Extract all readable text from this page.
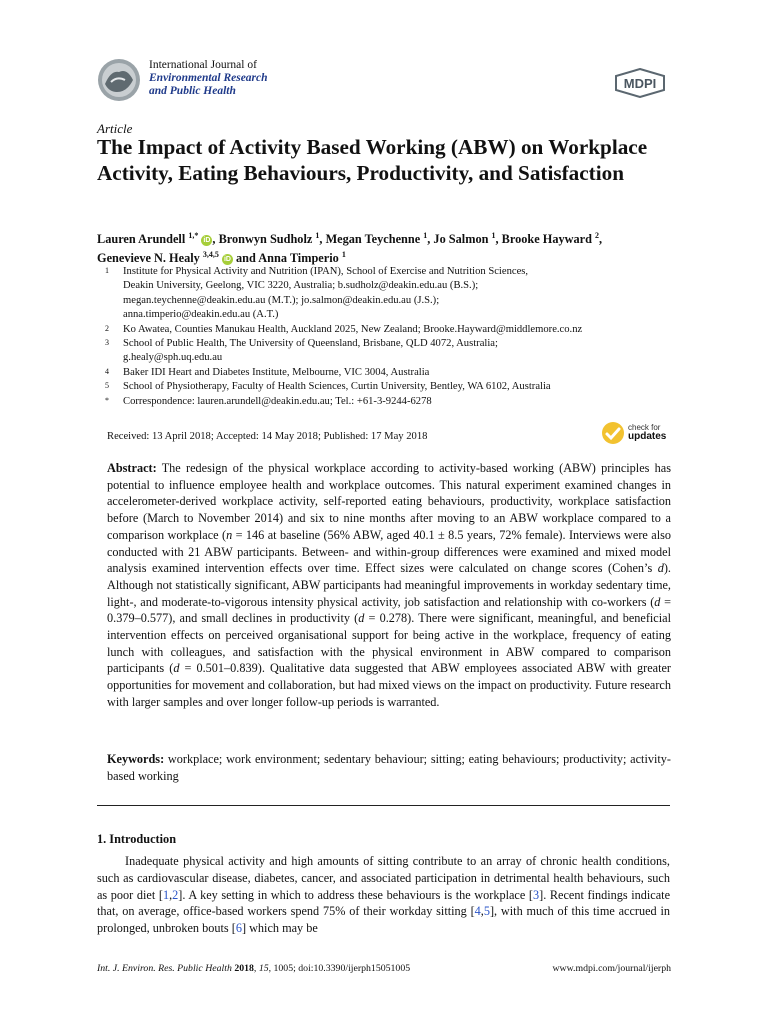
International Journal of
Environmental Research
and Public Health	MDPI
Article
The Impact of Activity Based Working (ABW) on Workplace Activity, Eating Behaviours, Productivity, and Satisfaction
Lauren Arundell $^{1,*}$ iD , Bronwyn Sudholz $^1$, Megan Teychenne $^1$, Jo Salmon $^1$, Brooke Hayward $^2$,
Genevieve N. Healy $^{3,4,5}$ iD and Anna Timperio $^1$
1 Institute for Physical Activity and Nutrition (IPAN), School of Exercise and Nutrition Sciences,
Deakin University, Geelong, VIC 3220, Australia; b.sudholz@deakin.edu.au (B.S.);
megan.teychenne@deakin.edu.au (M.T.); jo.salmon@deakin.edu.au (J.S.);
anna.timperio@deakin.edu.au (A.T.)
2 Ko Awatea, Counties Manukau Health, Auckland 2025, New Zealand; Brooke.Hayward@middlemore.co.nz
3 School of Public Health, The University of Queensland, Brisbane, QLD 4072, Australia;
g.healy@sph.uq.edu.au
4 Baker IDI Heart and Diabetes Institute, Melbourne, VIC 3004, Australia
5 School of Physiotherapy, Faculty of Health Sciences, Curtin University, Bentley, WA 6102, Australia
* Correspondence: lauren.arundell@deakin.edu.au; Tel.: +61-3-9244-6278
Received: 13 April 2018; Accepted: 14 May 2018; Published: 17 May 2018
check for
updates
Abstract: The redesign of the physical workplace according to activity-based working (ABW) principles has potential to influence employee health and workplace outcomes. This natural experiment examined changes in accelerometer-derived workplace activity, self-reported eating behaviours, productivity, workplace satisfaction before (March to November 2014) and six to nine months after moving to an ABW workplace compared to a comparison workplace (n = 146 at baseline (56% ABW, aged 40.1 ± 8.5 years, 72% female). Interviews were also conducted with 21 ABW participants. Between- and within-group differences were examined and mixed model analysis examined intervention effects over time. Effect sizes were calculated on change scores (Cohen’s d). Although not statistically significant, ABW participants had meaningful improvements in workday sedentary time, light-, and moderate-to-vigorous intensity physical activity, job satisfaction and relationship with co-workers (d = 0.379–0.577), and small declines in productivity (d = 0.278). There were significant, meaningful, and beneficial intervention effects on perceived organisational support for being active in the workplace, frequency of eating lunch with colleagues, and satisfaction with the physical environment in ABW compared to comparison participants (d = 0.501–0.839). Qualitative data suggested that ABW employees associated ABW with greater opportunities for movement and collaboration, but had mixed views on the impact on productivity. Future research with larger samples and over longer follow-up periods is warranted.
Keywords: workplace; work environment; sedentary behaviour; sitting; eating behaviours; productivity; activity-based working
1. Introduction
Inadequate physical activity and high amounts of sitting contribute to an array of chronic health conditions, such as cardiovascular disease, diabetes, cancer, and associated participation in detrimental health behaviours, such as poor diet [1,2]. A key setting in which to address these behaviours is the workplace [3]. Recent findings indicate that, on average, office-based workers spend 75% of their workday sitting [4,5], with much of this time accrued in prolonged, unbroken bouts [6] which may be
Int. J. Environ. Res. Public Health 2018, 15, 1005; doi:10.3390/ijerph15051005	www.mdpi.com/journal/ijerph
